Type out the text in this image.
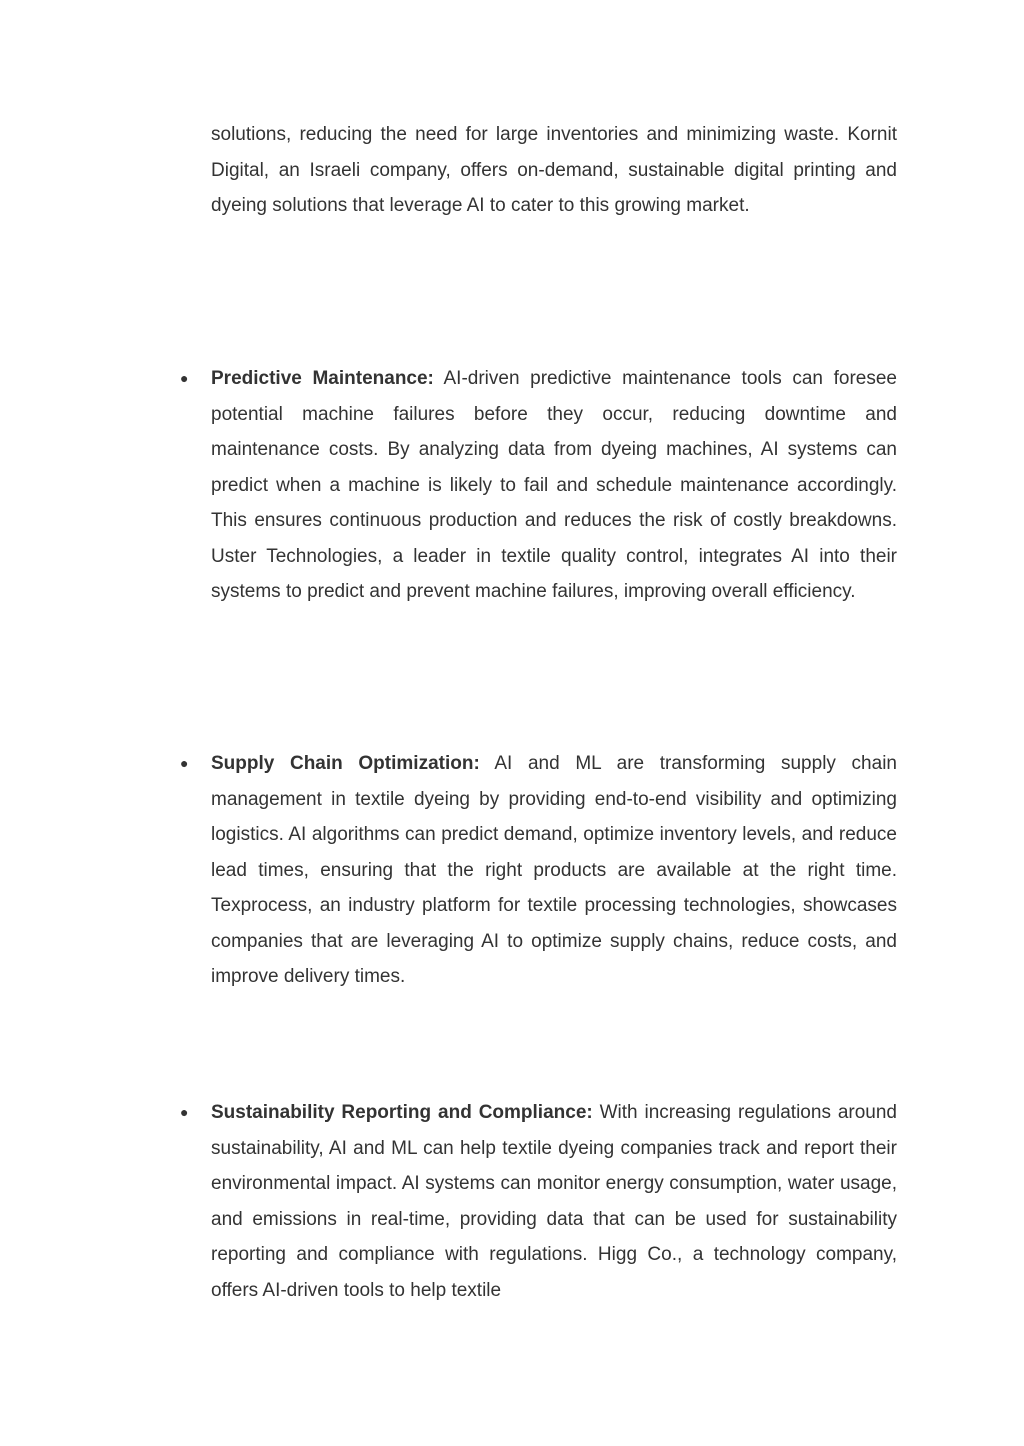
solutions, reducing the need for large inventories and minimizing waste. Kornit Digital, an Israeli company, offers on-demand, sustainable digital printing and dyeing solutions that leverage AI to cater to this growing market.

● Predictive Maintenance: AI-driven predictive maintenance tools can foresee potential machine failures before they occur, reducing downtime and maintenance costs. By analyzing data from dyeing machines, AI systems can predict when a machine is likely to fail and schedule maintenance accordingly. This ensures continuous production and reduces the risk of costly breakdowns. Uster Technologies, a leader in textile quality control, integrates AI into their systems to predict and prevent machine failures, improving overall efficiency.

● Supply Chain Optimization: AI and ML are transforming supply chain management in textile dyeing by providing end-to-end visibility and optimizing logistics. AI algorithms can predict demand, optimize inventory levels, and reduce lead times, ensuring that the right products are available at the right time. Texprocess, an industry platform for textile processing technologies, showcases companies that are leveraging AI to optimize supply chains, reduce costs, and improve delivery times.

● Sustainability Reporting and Compliance: With increasing regulations around sustainability, AI and ML can help textile dyeing companies track and report their environmental impact. AI systems can monitor energy consumption, water usage, and emissions in real-time, providing data that can be used for sustainability reporting and compliance with regulations. Higg Co., a technology company, offers AI-driven tools to help textile
